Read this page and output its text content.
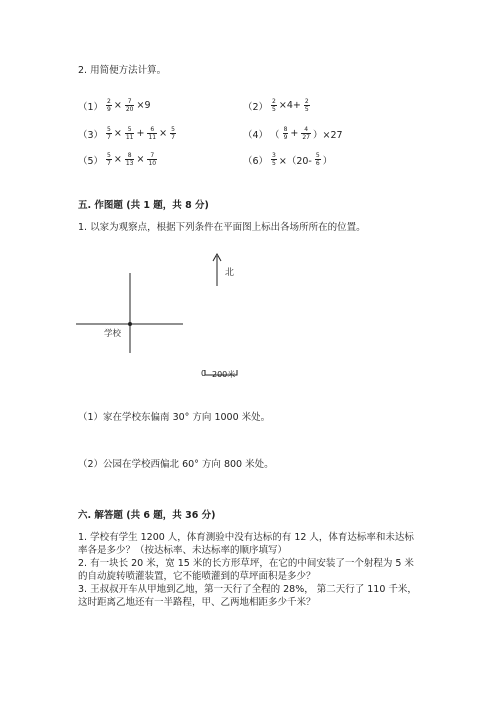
2. 用简便方法计算。
$(1) \frac{2}{9} \times \frac{7}{20} \times 9$	$(2) \frac{2}{5} \times 4+ \frac{2}{5}$
$(3) \frac{5}{7} \times \frac{5}{11} + \frac{6}{11} \times \frac{5}{7}$	（4） （ $\frac{8}{9} + \frac{4}{27} )\times 27$
$(5) \frac{5}{7} \times \frac{8}{13} \times \frac{7}{10}$	$(6) \frac{3}{5} \times(20- \frac{5}{6}$ ）
五. 作图题 (共 1 题，共 8 分)
1. 以家为观察点，根据下列条件在平面图上标出各场所所在的位置。
北
学校
0 200米
（1）家在学校东偏南 30° 方向 1000 米处。
（2）公园在学校西偏北 60° 方向 800 米处。
六. 解答题 (共 6 题，共 36 分)
1. 学校有学生 1200 人，体育测验中没有达标的有 12 人，体育达标率和未达标
率各是多少？（按达标率、未达标率的顺序填写）
2. 有一块长 20 米，宽 15 米的长方形草坪，在它的中间安装了一个射程为 5 米
的自动旋转喷灌装置，它不能喷灌到的草坪面积是多少？
3. 王叔叔开车从甲地到乙地，第一天行了全程的 28%， 第二天行了 110 千米，
这时距离乙地还有一半路程，甲、乙两地相距多少千米？
